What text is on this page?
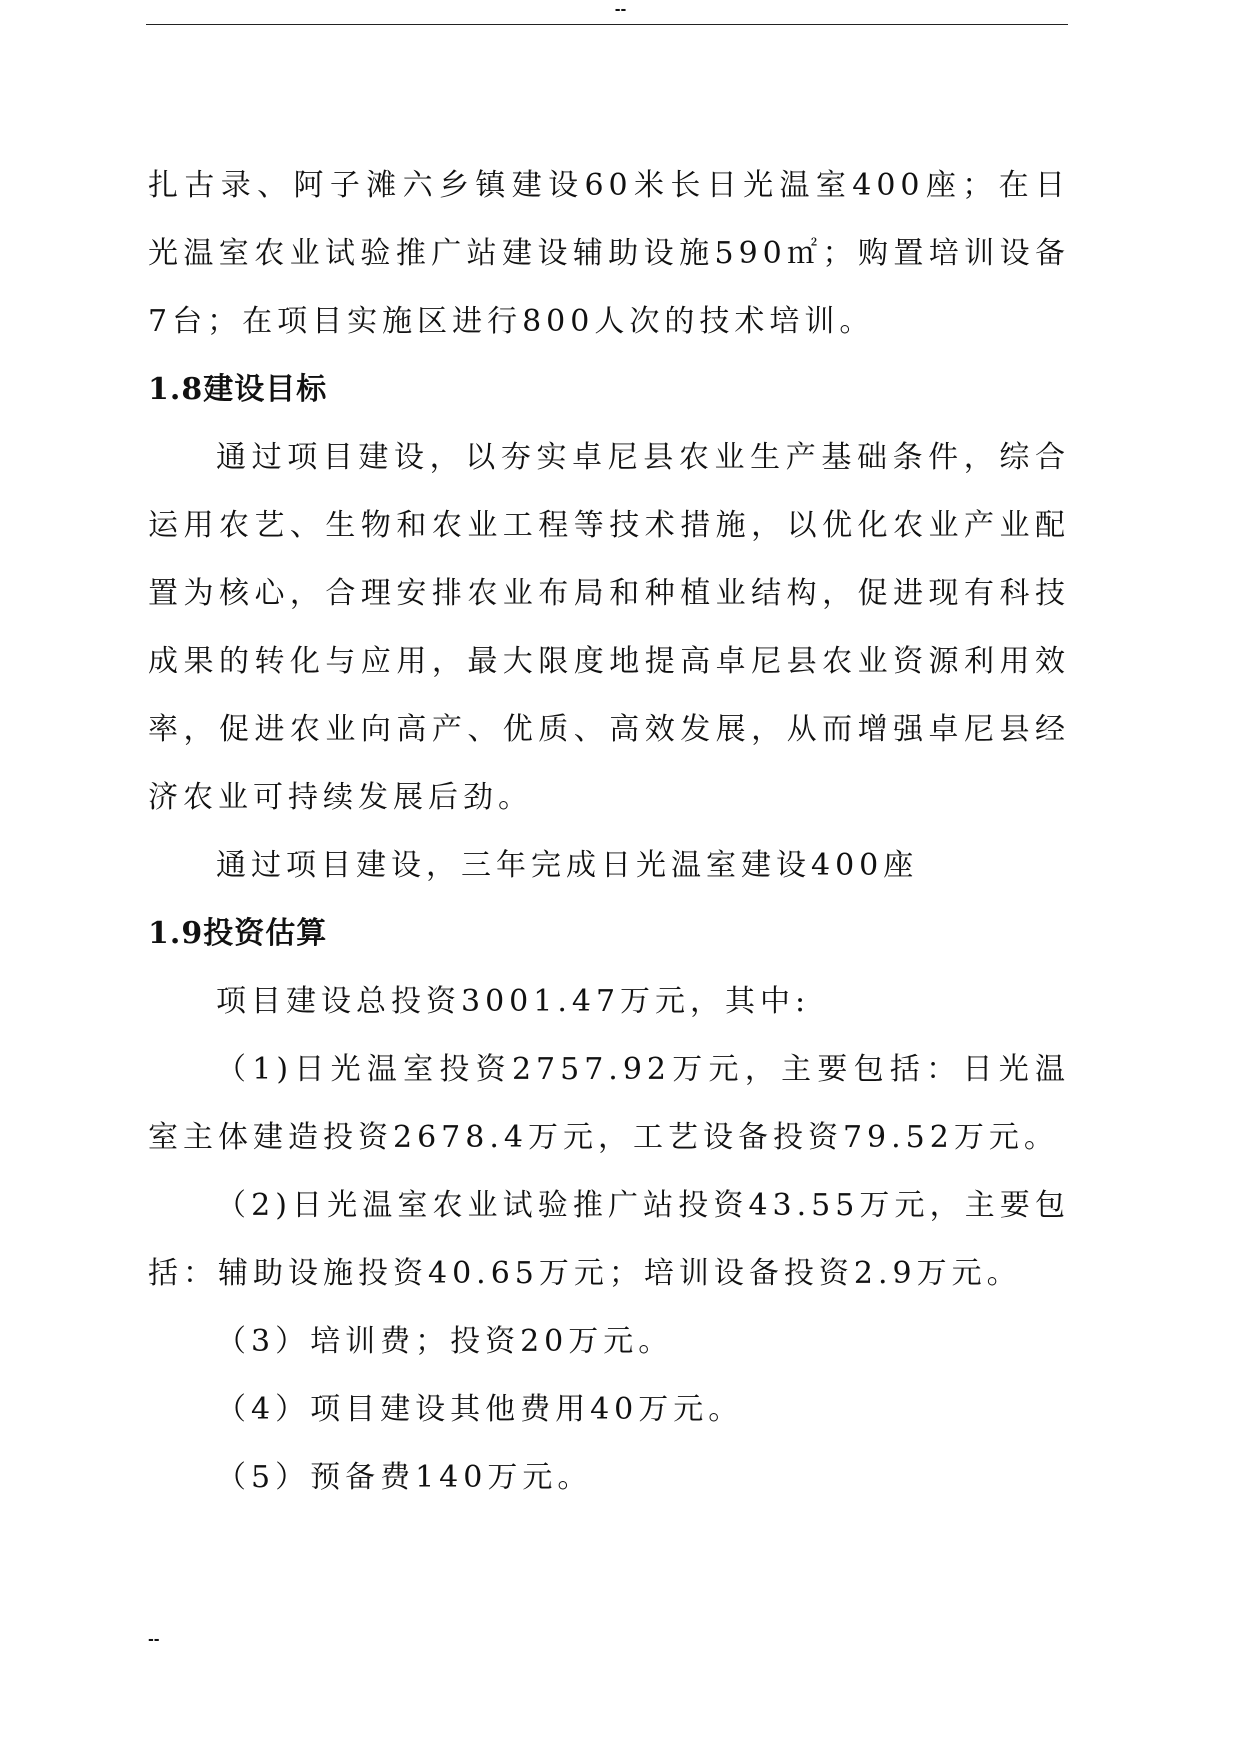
--

扎古录、阿子滩六乡镇建设60米长日光温室400座；在日光温室农业试验推广站建设辅助设施590㎡；购置培训设备7台；在项目实施区进行800人次的技术培训。

1.8建设目标

通过项目建设，以夯实卓尼县农业生产基础条件，综合运用农艺、生物和农业工程等技术措施，以优化农业产业配置为核心，合理安排农业布局和种植业结构，促进现有科技成果的转化与应用，最大限度地提高卓尼县农业资源利用效率，促进农业向高产、优质、高效发展，从而增强卓尼县经济农业可持续发展后劲。

通过项目建设，三年完成日光温室建设400座

1.9投资估算

项目建设总投资3001.47万元，其中:

（1)日光温室投资2757.92万元，主要包括：日光温室主体建造投资2678.4万元，工艺设备投资79.52万元。

（2)日光温室农业试验推广站投资43.55万元，主要包括：辅助设施投资40.65万元；培训设备投资2.9万元。

（3）培训费；投资20万元。

（4）项目建设其他费用40万元。

（5）预备费140万元。

--
